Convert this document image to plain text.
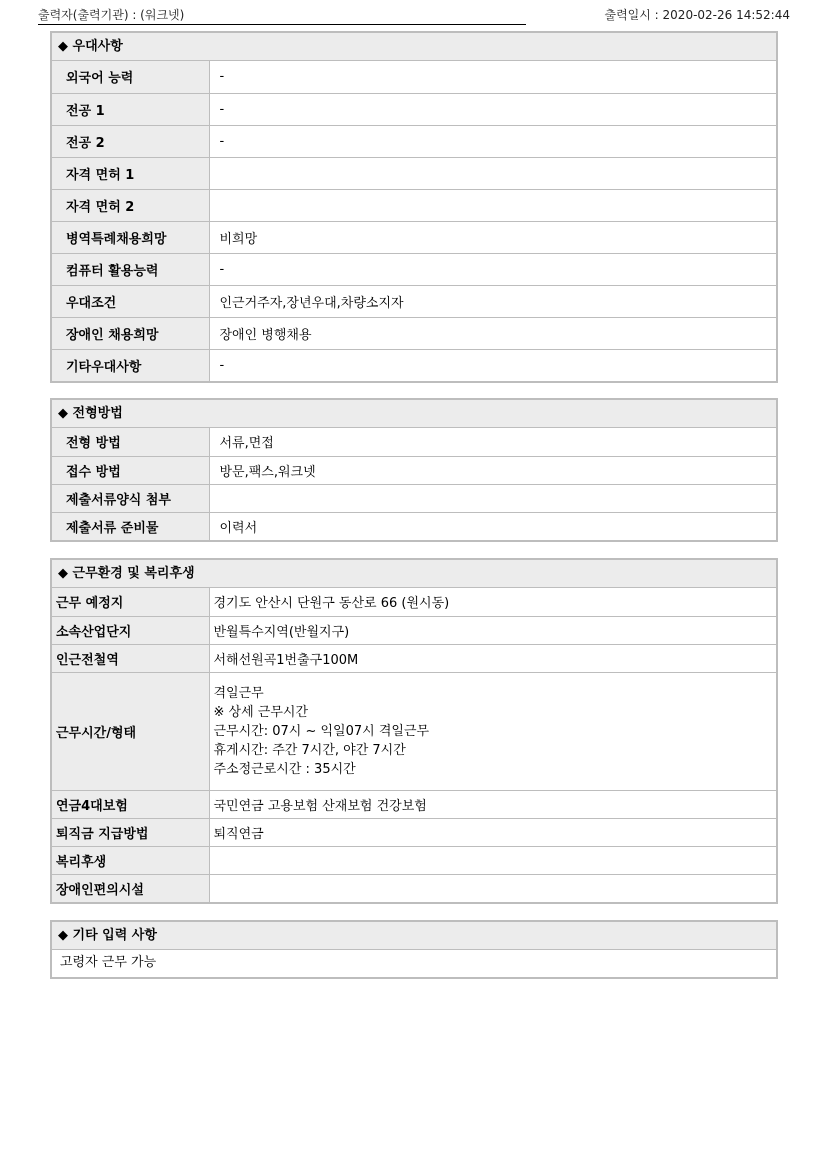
출력자(출력기관) : (워크넷)	출력일시 : 2020-02-26 14:52:44
◆ 우대사항
외국어 능력	-
전공 1	-
전공 2	-
자격 면허 1	
자격 면허 2	
병역특례채용희망	비희망
컴퓨터 활용능력	-
우대조건	인근거주자,장년우대,차량소지자
장애인 채용희망	장애인 병행채용
기타우대사항	-
◆ 전형방법
전형 방법	서류,면접
접수 방법	방문,팩스,워크넷
제출서류양식 첨부	
제출서류 준비물	이력서
◆ 근무환경 및 복리후생
근무 예정지	경기도 안산시 단원구 동산로 66 (원시동)
소속산업단지	반월특수지역(반월지구)
인근전철역	서해선원곡1번출구100M
근무시간/형태	격일근무
※ 상세 근무시간
근무시간: 07시 ~ 익일07시 격일근무
휴게시간: 주간 7시간, 야간 7시간
주소정근로시간 : 35시간

연금4대보험	국민연금 고용보험 산재보험 건강보험
퇴직금 지급방법	퇴직연금
복리후생	
장애인편의시설	
◆ 기타 입력 사항
고령자 근무 가능
